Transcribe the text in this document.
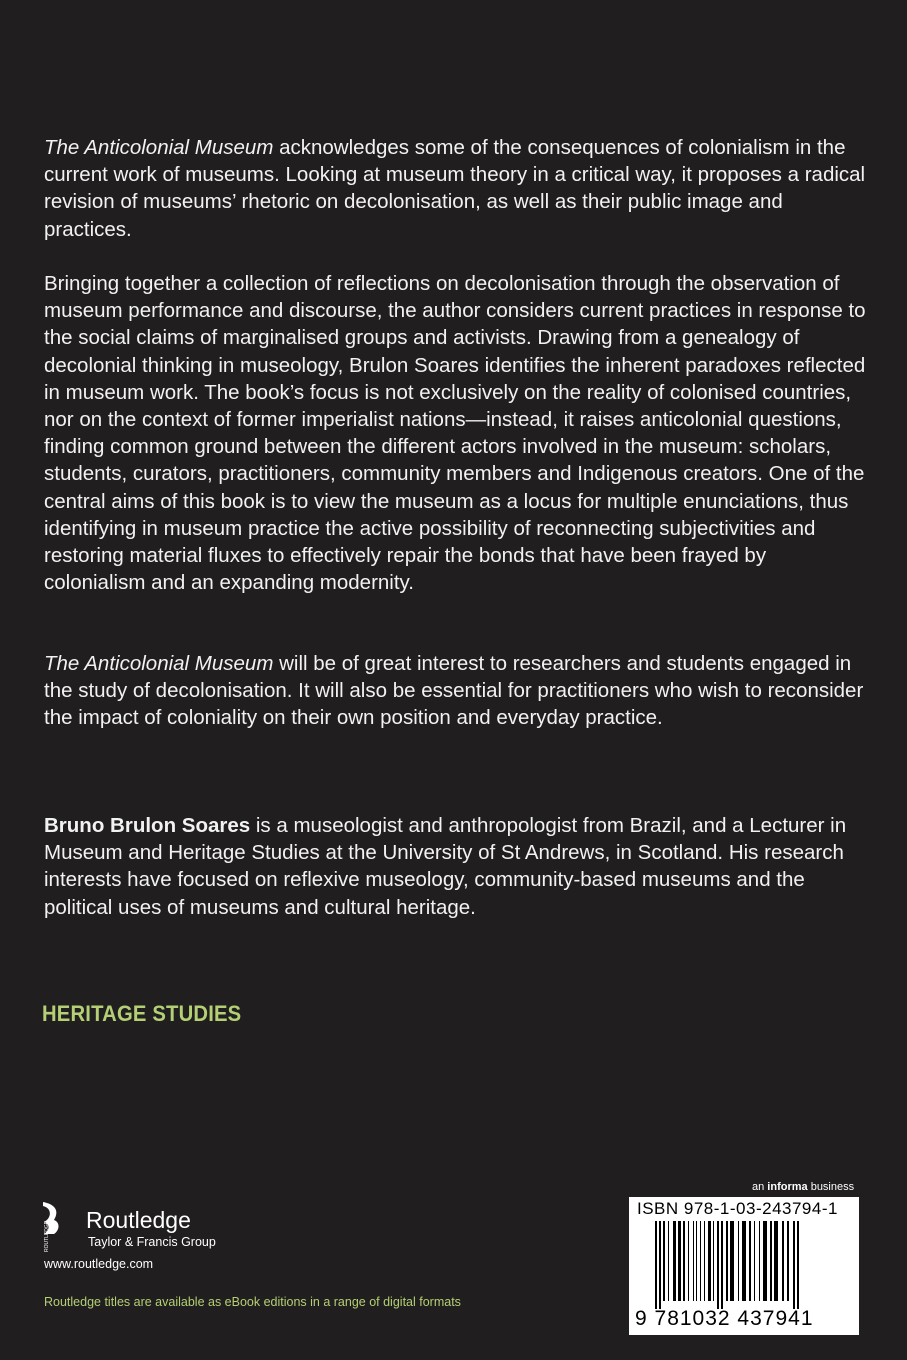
The Anticolonial Museum acknowledges some of the consequences of colonialism in the current work of museums. Looking at museum theory in a critical way, it proposes a radical revision of museums’ rhetoric on decolonisation, as well as their public image and practices.

Bringing together a collection of reflections on decolonisation through the observation of museum performance and discourse, the author considers current practices in response to the social claims of marginalised groups and activists. Drawing from a genealogy of decolonial thinking in museology, Brulon Soares identifies the inherent paradoxes reflected in museum work. The book’s focus is not exclusively on the reality of colonised countries, nor on the context of former imperialist nations—instead, it raises anticolonial questions, finding common ground between the different actors involved in the museum: scholars, students, curators, practitioners, community members and Indigenous creators. One of the central aims of this book is to view the museum as a locus for multiple enunciations, thus identifying in museum practice the active possibility of reconnecting subjectivities and restoring material fluxes to effectively repair the bonds that have been frayed by colonialism and an expanding modernity.

The Anticolonial Museum will be of great interest to researchers and students engaged in the study of decolonisation. It will also be essential for practitioners who wish to reconsider the impact of coloniality on their own position and everyday practice.

Bruno Brulon Soares is a museologist and anthropologist from Brazil, and a Lecturer in Museum and Heritage Studies at the University of St Andrews, in Scotland. His research interests have focused on reflexive museology, community-based museums and the political uses of museums and cultural heritage.

HERITAGE STUDIES
ROUTLEDGE
Routledge
Taylor & Francis Group
www.routledge.com
Routledge titles are available as eBook editions in a range of digital formats
an informa business
ISBN 978-1-03-243794-1
9 781032 437941
